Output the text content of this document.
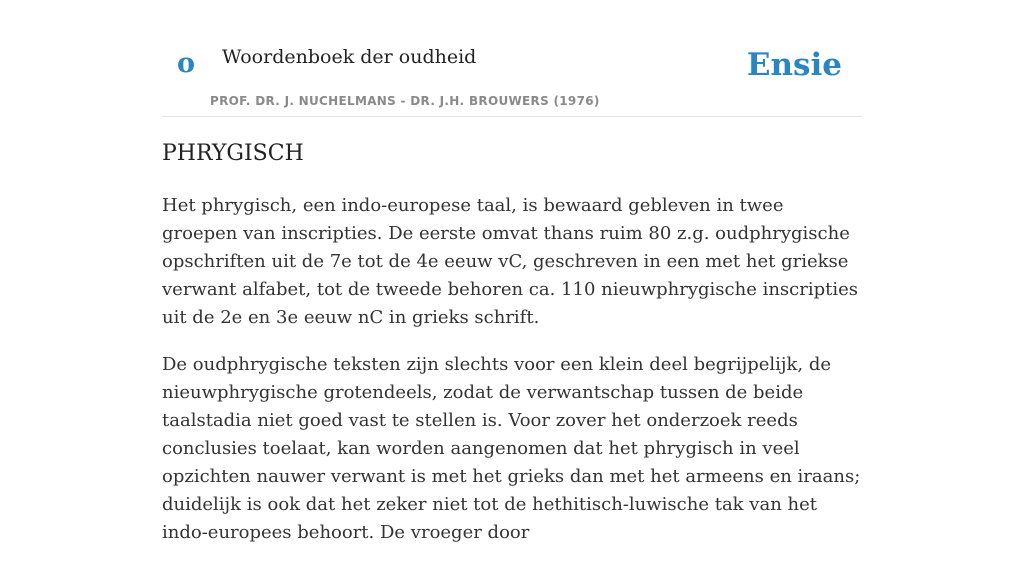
o Woordenboek der oudheid
PROF. DR. J. NUCHELMANS - DR. J.H. BROUWERS (1976)
Ensie
PHRYGISCH

Het phrygisch, een indo-europese taal, is bewaard gebleven in twee groepen van inscripties. De eerste omvat thans ruim 80 z.g. oudphrygische opschriften uit de 7e tot de 4e eeuw vC, geschreven in een met het griekse verwant alfabet, tot de tweede behoren ca. 110 nieuwphrygische inscripties uit de 2e en 3e eeuw nC in grieks schrift.

De oudphrygische teksten zijn slechts voor een klein deel begrijpelijk, de nieuwphrygische grotendeels, zodat de verwantschap tussen de beide taalstadia niet goed vast te stellen is. Voor zover het onderzoek reeds conclusies toelaat, kan worden aangenomen dat het phrygisch in veel opzichten nauwer verwant is met het grieks dan met het armeens en iraans; duidelijk is ook dat het zeker niet tot de hethitisch-luwische tak van het indo-europees behoort. De vroeger door
